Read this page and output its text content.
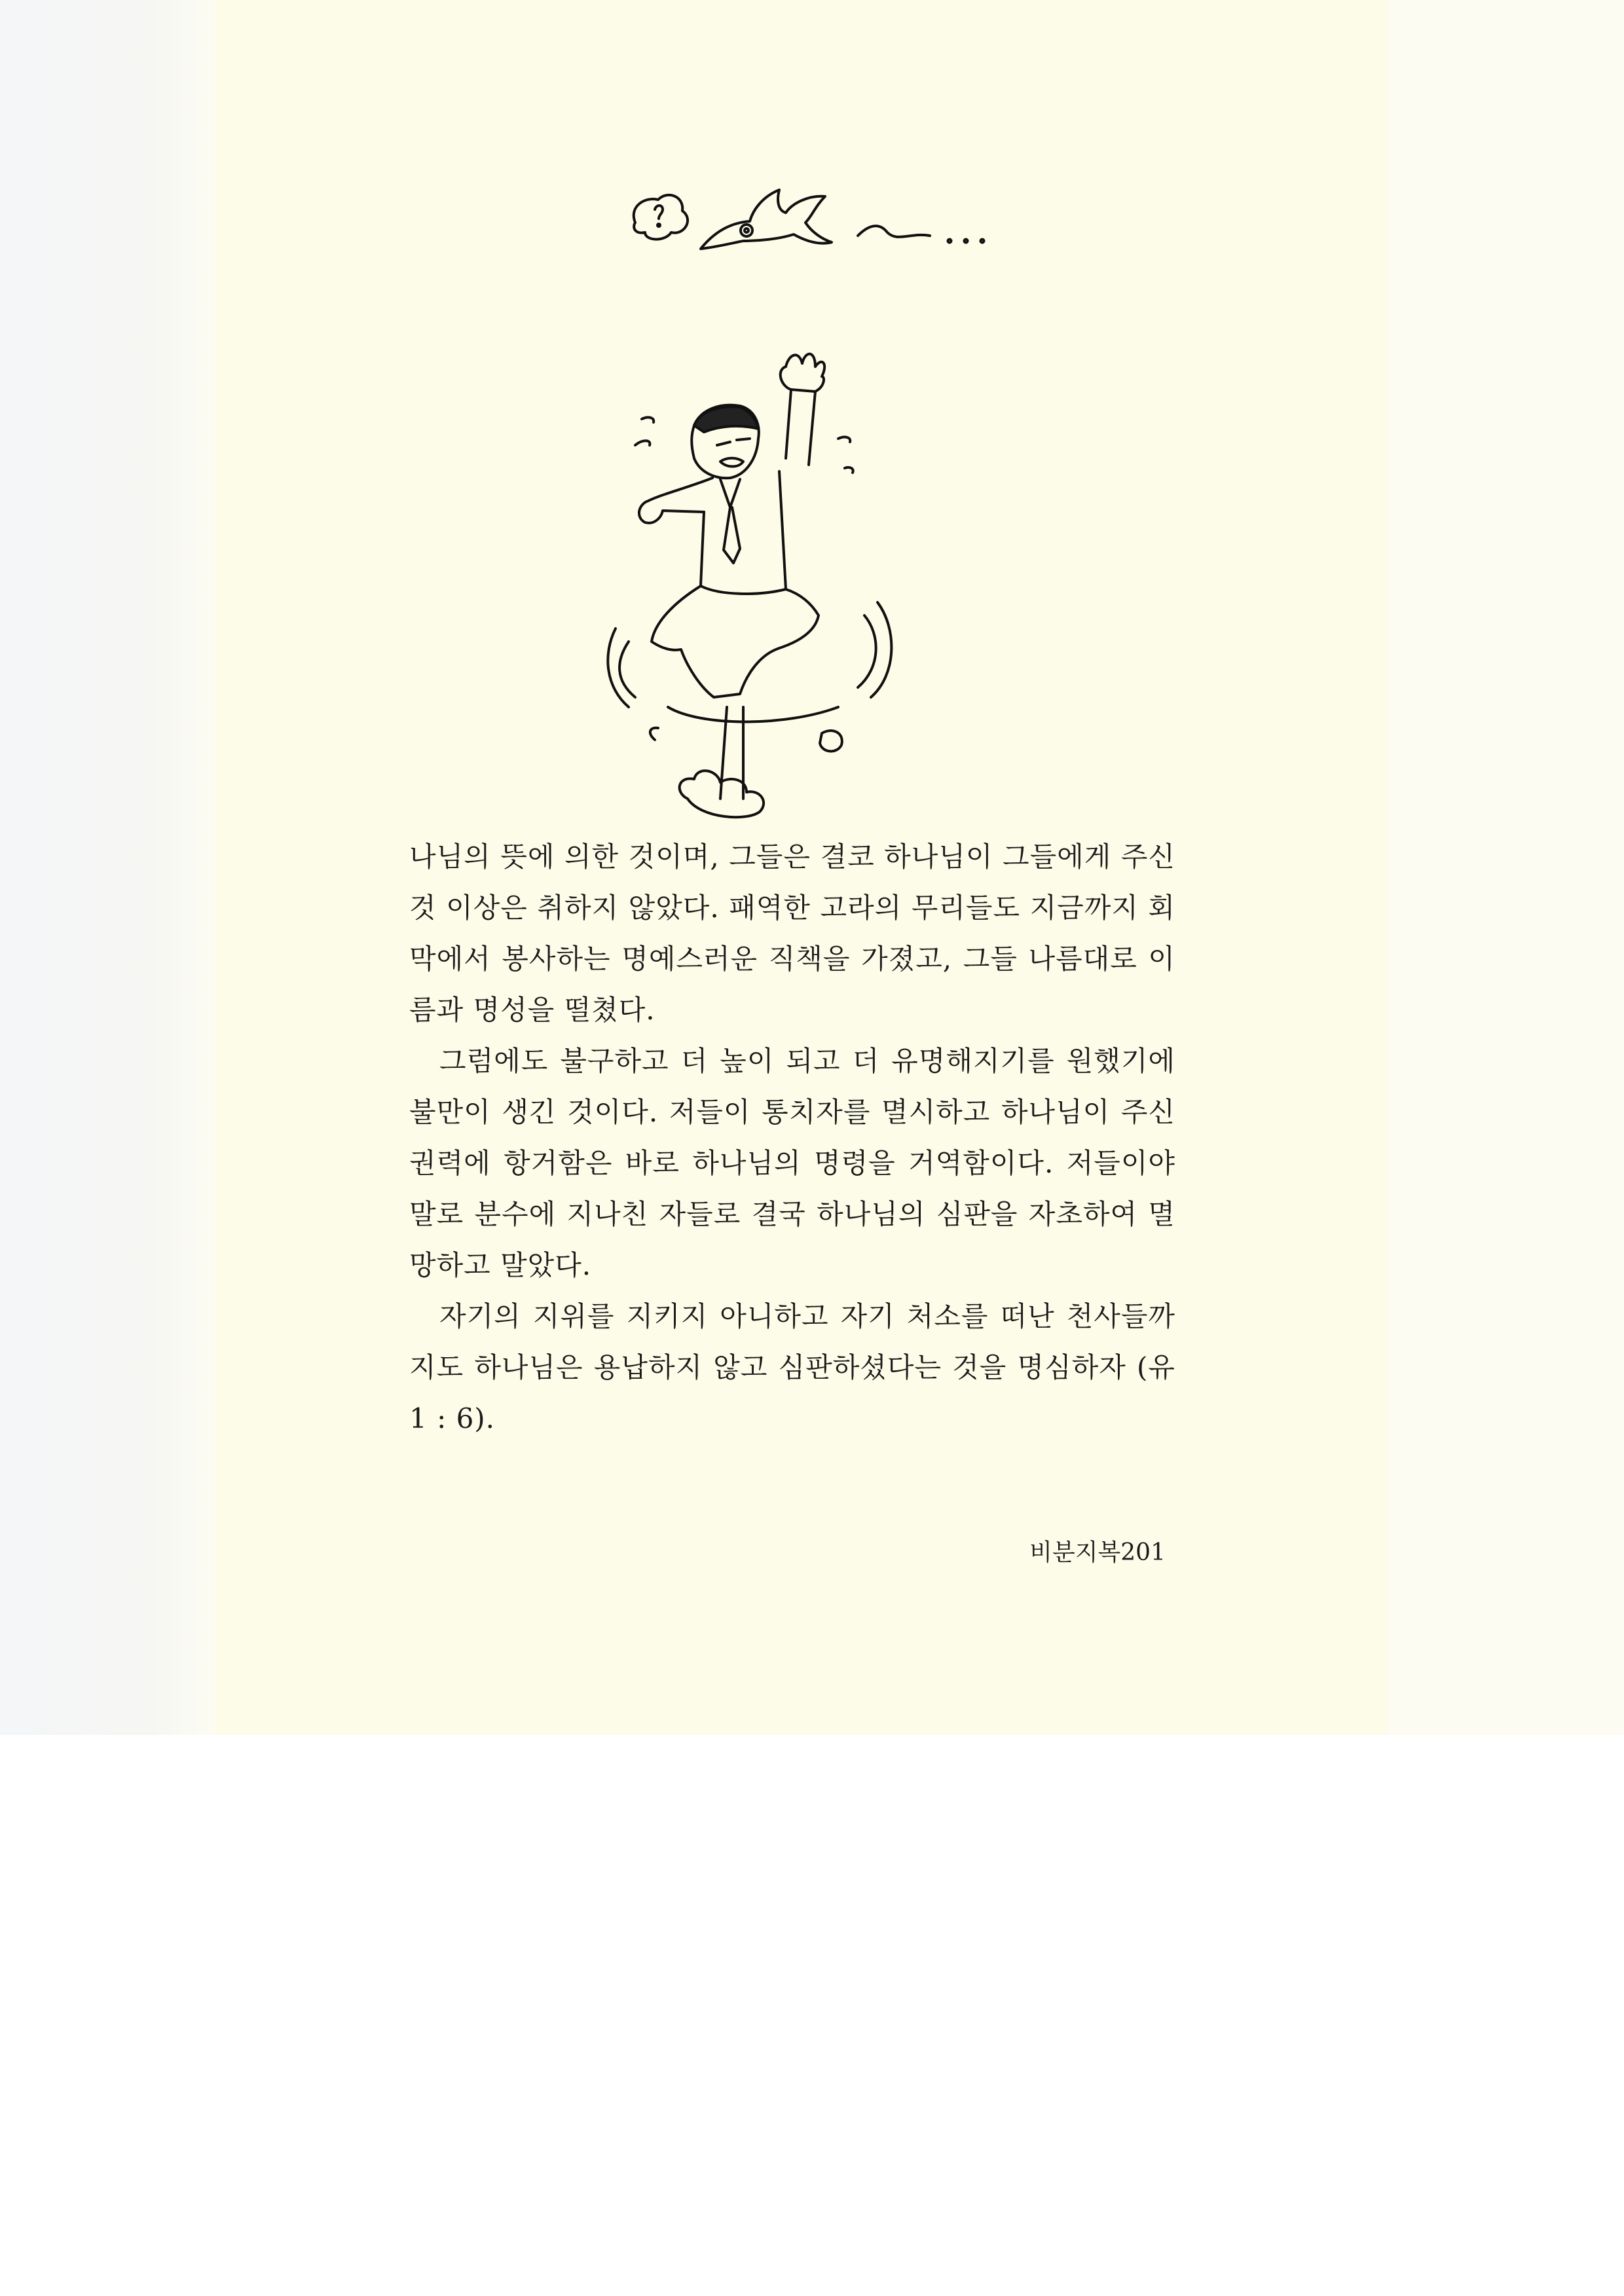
나님의 뜻에 의한 것이며, 그들은 결코 하나님이 그들에게 주신 것 이상은 취하지 않았다. 패역한 고라의 무리들도 지금까지 회막에서 봉사하는 명예스러운 직책을 가졌고, 그들 나름대로 이름과 명성을 떨쳤다.

그럼에도 불구하고 더 높이 되고 더 유명해지기를 원했기에 불만이 생긴 것이다. 저들이 통치자를 멸시하고 하나님이 주신 권력에 항거함은 바로 하나님의 명령을 거역함이다. 저들이야말로 분수에 지나친 자들로 결국 하나님의 심판을 자초하여 멸망하고 말았다.

자기의 지위를 지키지 아니하고 자기 처소를 떠난 천사들까지도 하나님은 용납하지 않고 심판하셨다는 것을 명심하자 (유 1 : 6).

비분지복201
